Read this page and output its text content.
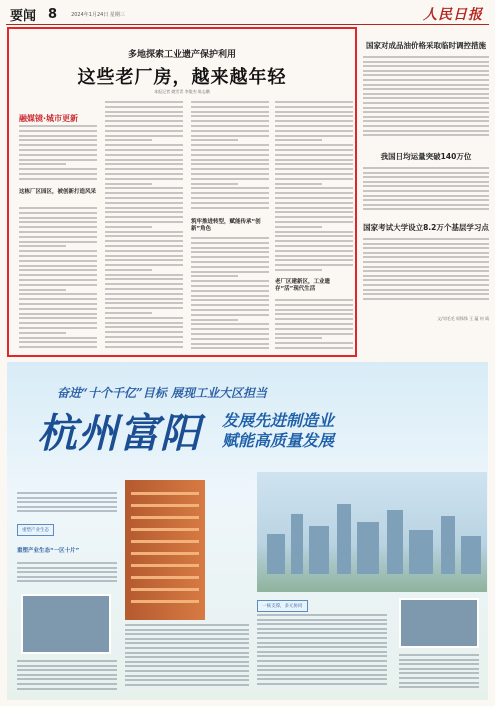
要闻 8	2024年1月24日 星期三	人民日报
多地探索工业遗产保护利用
这些老厂房，越来越年轻
本报记者 姚雪青 李俊杰 陈志鹏
融媒镜·城市更新
这栋厂区园区，被创新打造风采
筑牢推进转型，赋能传承“创新”角色
老厂区建新区，工业遗存“活”现代生活
国家对成品油价格采取临时调控措施
我国日均运量突破140万位
国家考试大学设立8.2万个基层学习点
文/刘毛毛 周锋锋 王 蕴 何 靖
奋进“十个千亿”目标 展现工业大区担当
杭州富阳 发展先进制造业
赋能高质量发展
重塑产业生态
重塑产业生态“一区十片”
一核支撑，多元协同
